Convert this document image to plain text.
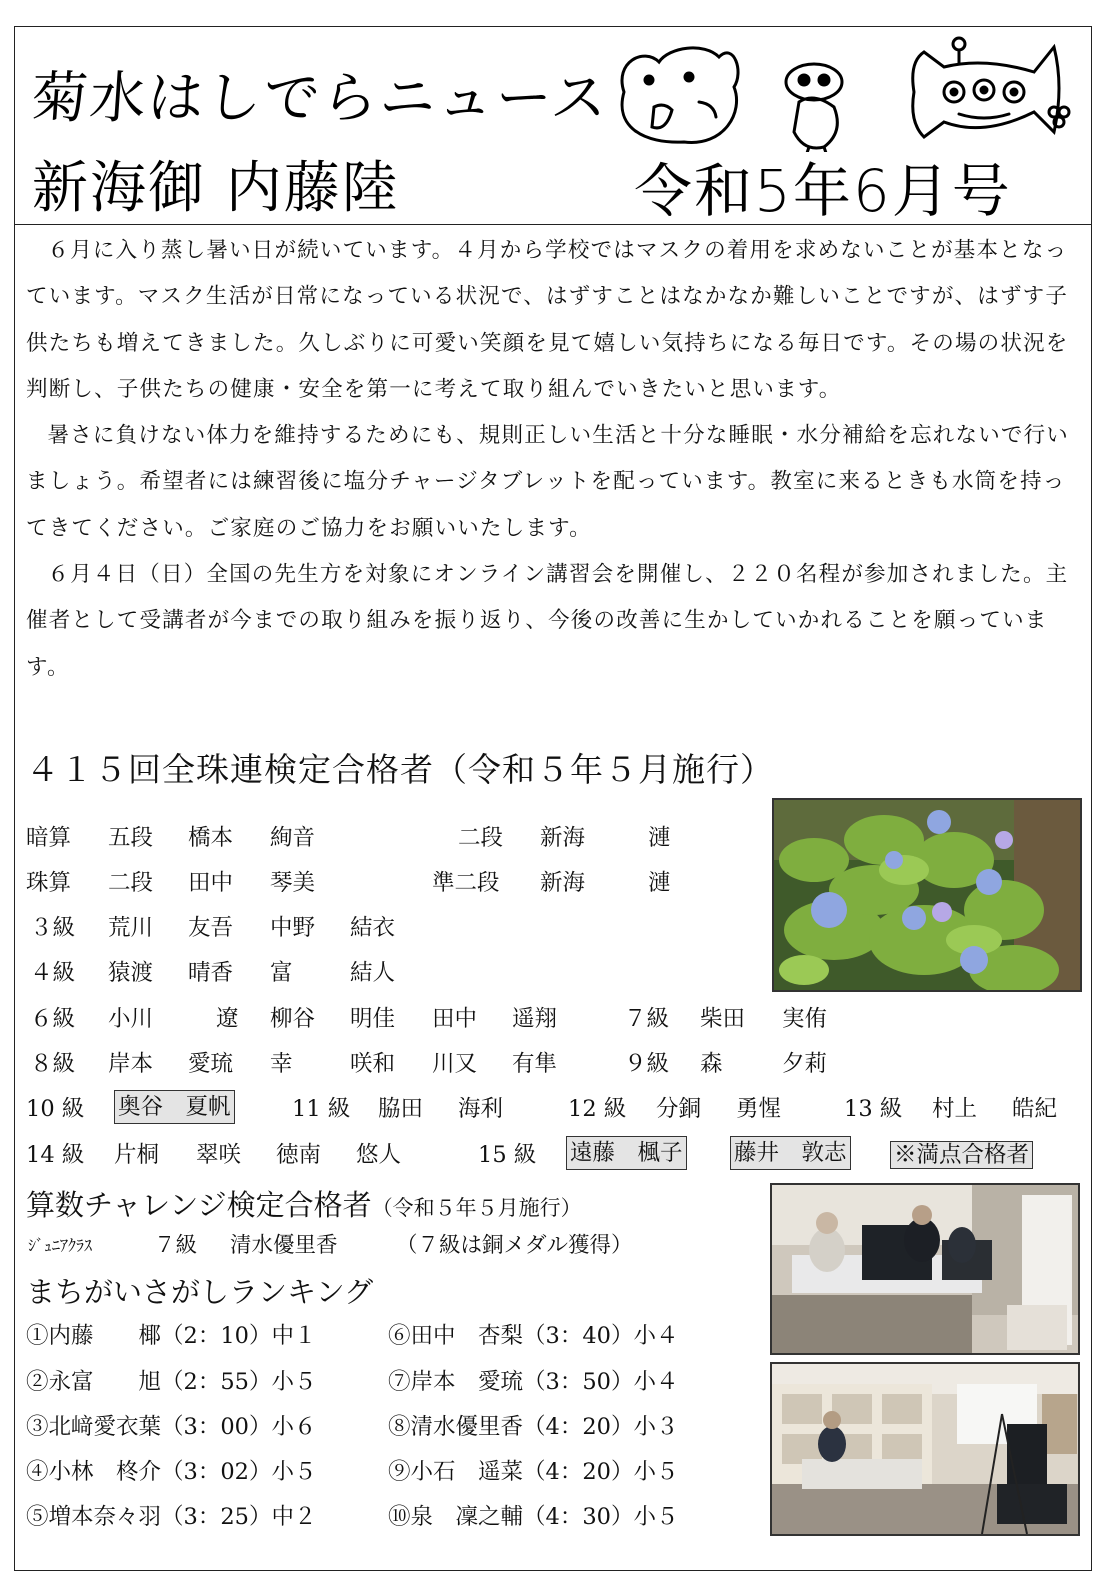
菊水はしでらニュース
新海御 内藤陸	令和5年6月号

６月に入り蒸し暑い日が続いています。４月から学校ではマスクの着用を求めないことが基本となっています。マスク生活が日常になっている状況で、はずすことはなかなか難しいことですが、はずす子供たちも増えてきました。久しぶりに可愛い笑顔を見て嬉しい気持ちになる毎日です。その場の状況を判断し、子供たちの健康・安全を第一に考えて取り組んでいきたいと思います。

暑さに負けない体力を維持するためにも、規則正しい生活と十分な睡眠・水分補給を忘れないで行いましょう。希望者には練習後に塩分チャージタブレットを配っています。教室に来るときも水筒を持ってきてください。ご家庭のご協力をお願いいたします。

６月４日（日）全国の先生方を対象にオンライン講習会を開催し、２２０名程が参加されました。主催者として受講者が今までの取り組みを振り返り、今後の改善に生かしていかれることを願っています。

４１５回全珠連検定合格者（令和５年５月施行）
暗算 五段 橋本 絢音	二段 新海	漣
珠算 二段 田中 琴美	準二段 新海	漣
３級 荒川 友吾 中野 結衣
４級 猿渡 晴香 富	結人
６級 小川	遼 柳谷 明佳 田中 遥翔	７級 柴田 実侑
８級 岸本 愛琉 幸	咲和 川又 有隼	９級 森	夕莉
10 級 奥谷　夏帆	11 級 脇田 海利	12 級 分銅 勇惺	13 級 村上 皓紀
14 級 片桐 翠咲 徳南 悠人	15 級 遠藤　楓子 藤井　敦志 ※満点合格者
算数チャレンジ検定合格者（令和５年５月施行）
ｼﾞｭﾆｱｸﾗｽ	７級 清水優里香	（７級は銅メダル獲得）
まちがいさがしランキング
①内藤　　椰（2：10）中１
②永富　　旭（2：55）小５
③北﨑愛衣葉（3：00）小６
④小林　柊介（3：02）小５
⑤増本奈々羽（3：25）中２
⑥田中　杏梨（3：40）小４
⑦岸本　愛琉（3：50）小４
⑧清水優里香（4：20）小３
⑨小石　遥菜（4：20）小５
⑩泉　凜之輔（4：30）小５
